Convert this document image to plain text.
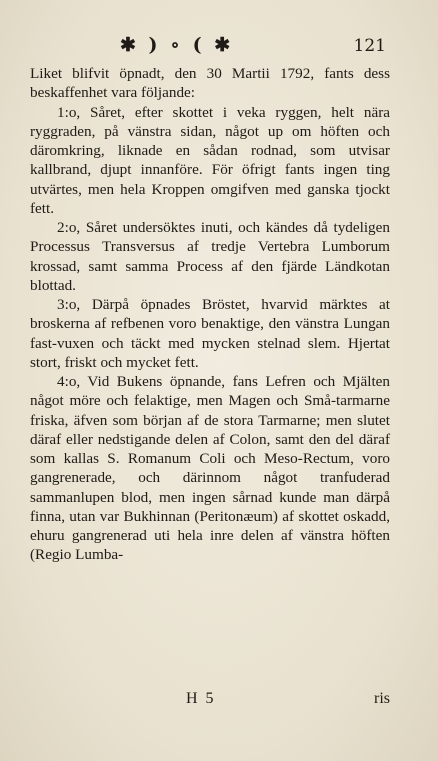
✱ ) ∘ ( ✱	121

Liket blifvit öpnadt, den 30 Martii 1792, fants dess beskaffenhet vara följande:

1:o, Såret, efter skottet i veka ryggen, helt nära ryggraden, på vänstra sidan, något up om höften och däromkring, liknade en sådan rodnad, som utvisar kallbrand, djupt innanföre. För öfrigt fants ingen ting utvärtes, men hela Kroppen omgifven med ganska tjockt fett.

2:o, Såret undersöktes inuti, och kändes då tydeligen Processus Transversus af tredje Vertebra Lumborum krossad, samt samma Process af den fjärde Ländkotan blottad.

3:o, Därpå öpnades Bröstet, hvarvid märktes at broskerna af refbenen voro benaktige, den vänstra Lungan fast-vuxen och täckt med mycken stelnad slem. Hjertat stort, friskt och mycket fett.

4:o, Vid Bukens öpnande, fans Lefren och Mjälten något möre och felaktige, men Magen och Små-tarmarne friska, äfven som början af de stora Tarmarne; men slutet däraf eller nedstigande delen af Colon, samt den del däraf som kallas S. Romanum Coli och Meso-Rectum, voro gangrenerade, och därinnom något tranfuderad sammanlupen blod, men ingen sårnad kunde man därpå finna, utan var Bukhinnan (Peritonæum) af skottet oskadd, ehuru gangrenerad uti hela inre delen af vänstra höften (Regio Lumba-

H 5	ris
